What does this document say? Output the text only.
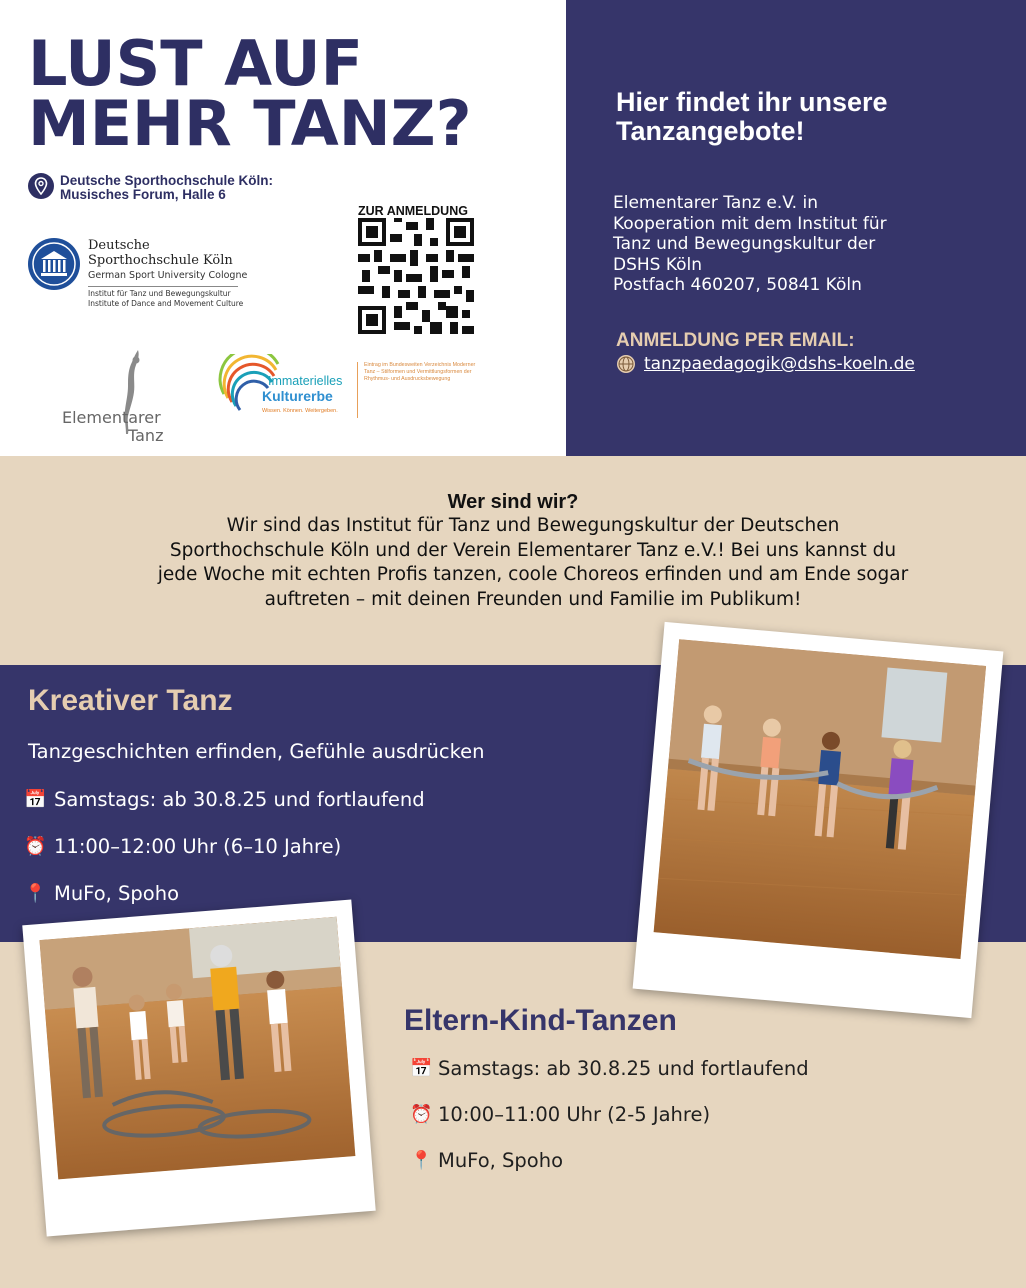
LUST AUF
MEHR TANZ?
Deutsche Sporthochschule Köln:
Musisches Forum, Halle 6
Deutsche
Sporthochschule Köln
German Sport University Cologne
Institut für Tanz und Bewegungskultur
Institute of Dance and Movement Culture
ZUR ANMELDUNG
Elementarer
Tanz
Immaterielles
Kulturerbe
Wissen. Können. Weitergeben.
Eintrag im Bundesweiten Verzeichnis Moderner Tanz – Stilformen und Vermittlungsformen der Rhythmus- und Ausdrucksbewegung
Hier findet ihr unsere Tanzangebote!
Elementarer Tanz e.V. in
Kooperation mit dem Institut für
Tanz und Bewegungskultur der
DSHS Köln
Postfach 460207, 50841 Köln
ANMELDUNG PER EMAIL:
tanzpaedagogik@dshs-koeln.de
Wer sind wir?
Wir sind das Institut für Tanz und Bewegungskultur der Deutschen
Sporthochschule Köln und der Verein Elementarer Tanz e.V.! Bei uns kannst du
jede Woche mit echten Profis tanzen, coole Choreos erfinden und am Ende sogar
auftreten – mit deinen Freunden und Familie im Publikum!
Kreativer Tanz
Tanzgeschichten erfinden, Gefühle ausdrücken
📅 Samstags: ab 30.8.25 und fortlaufend
⏰ 11:00–12:00 Uhr (6–10 Jahre)
📍 MuFo, Spoho
Eltern-Kind-Tanzen
📅 Samstags: ab 30.8.25 und fortlaufend
⏰ 10:00–11:00 Uhr (2-5 Jahre)
📍 MuFo, Spoho
